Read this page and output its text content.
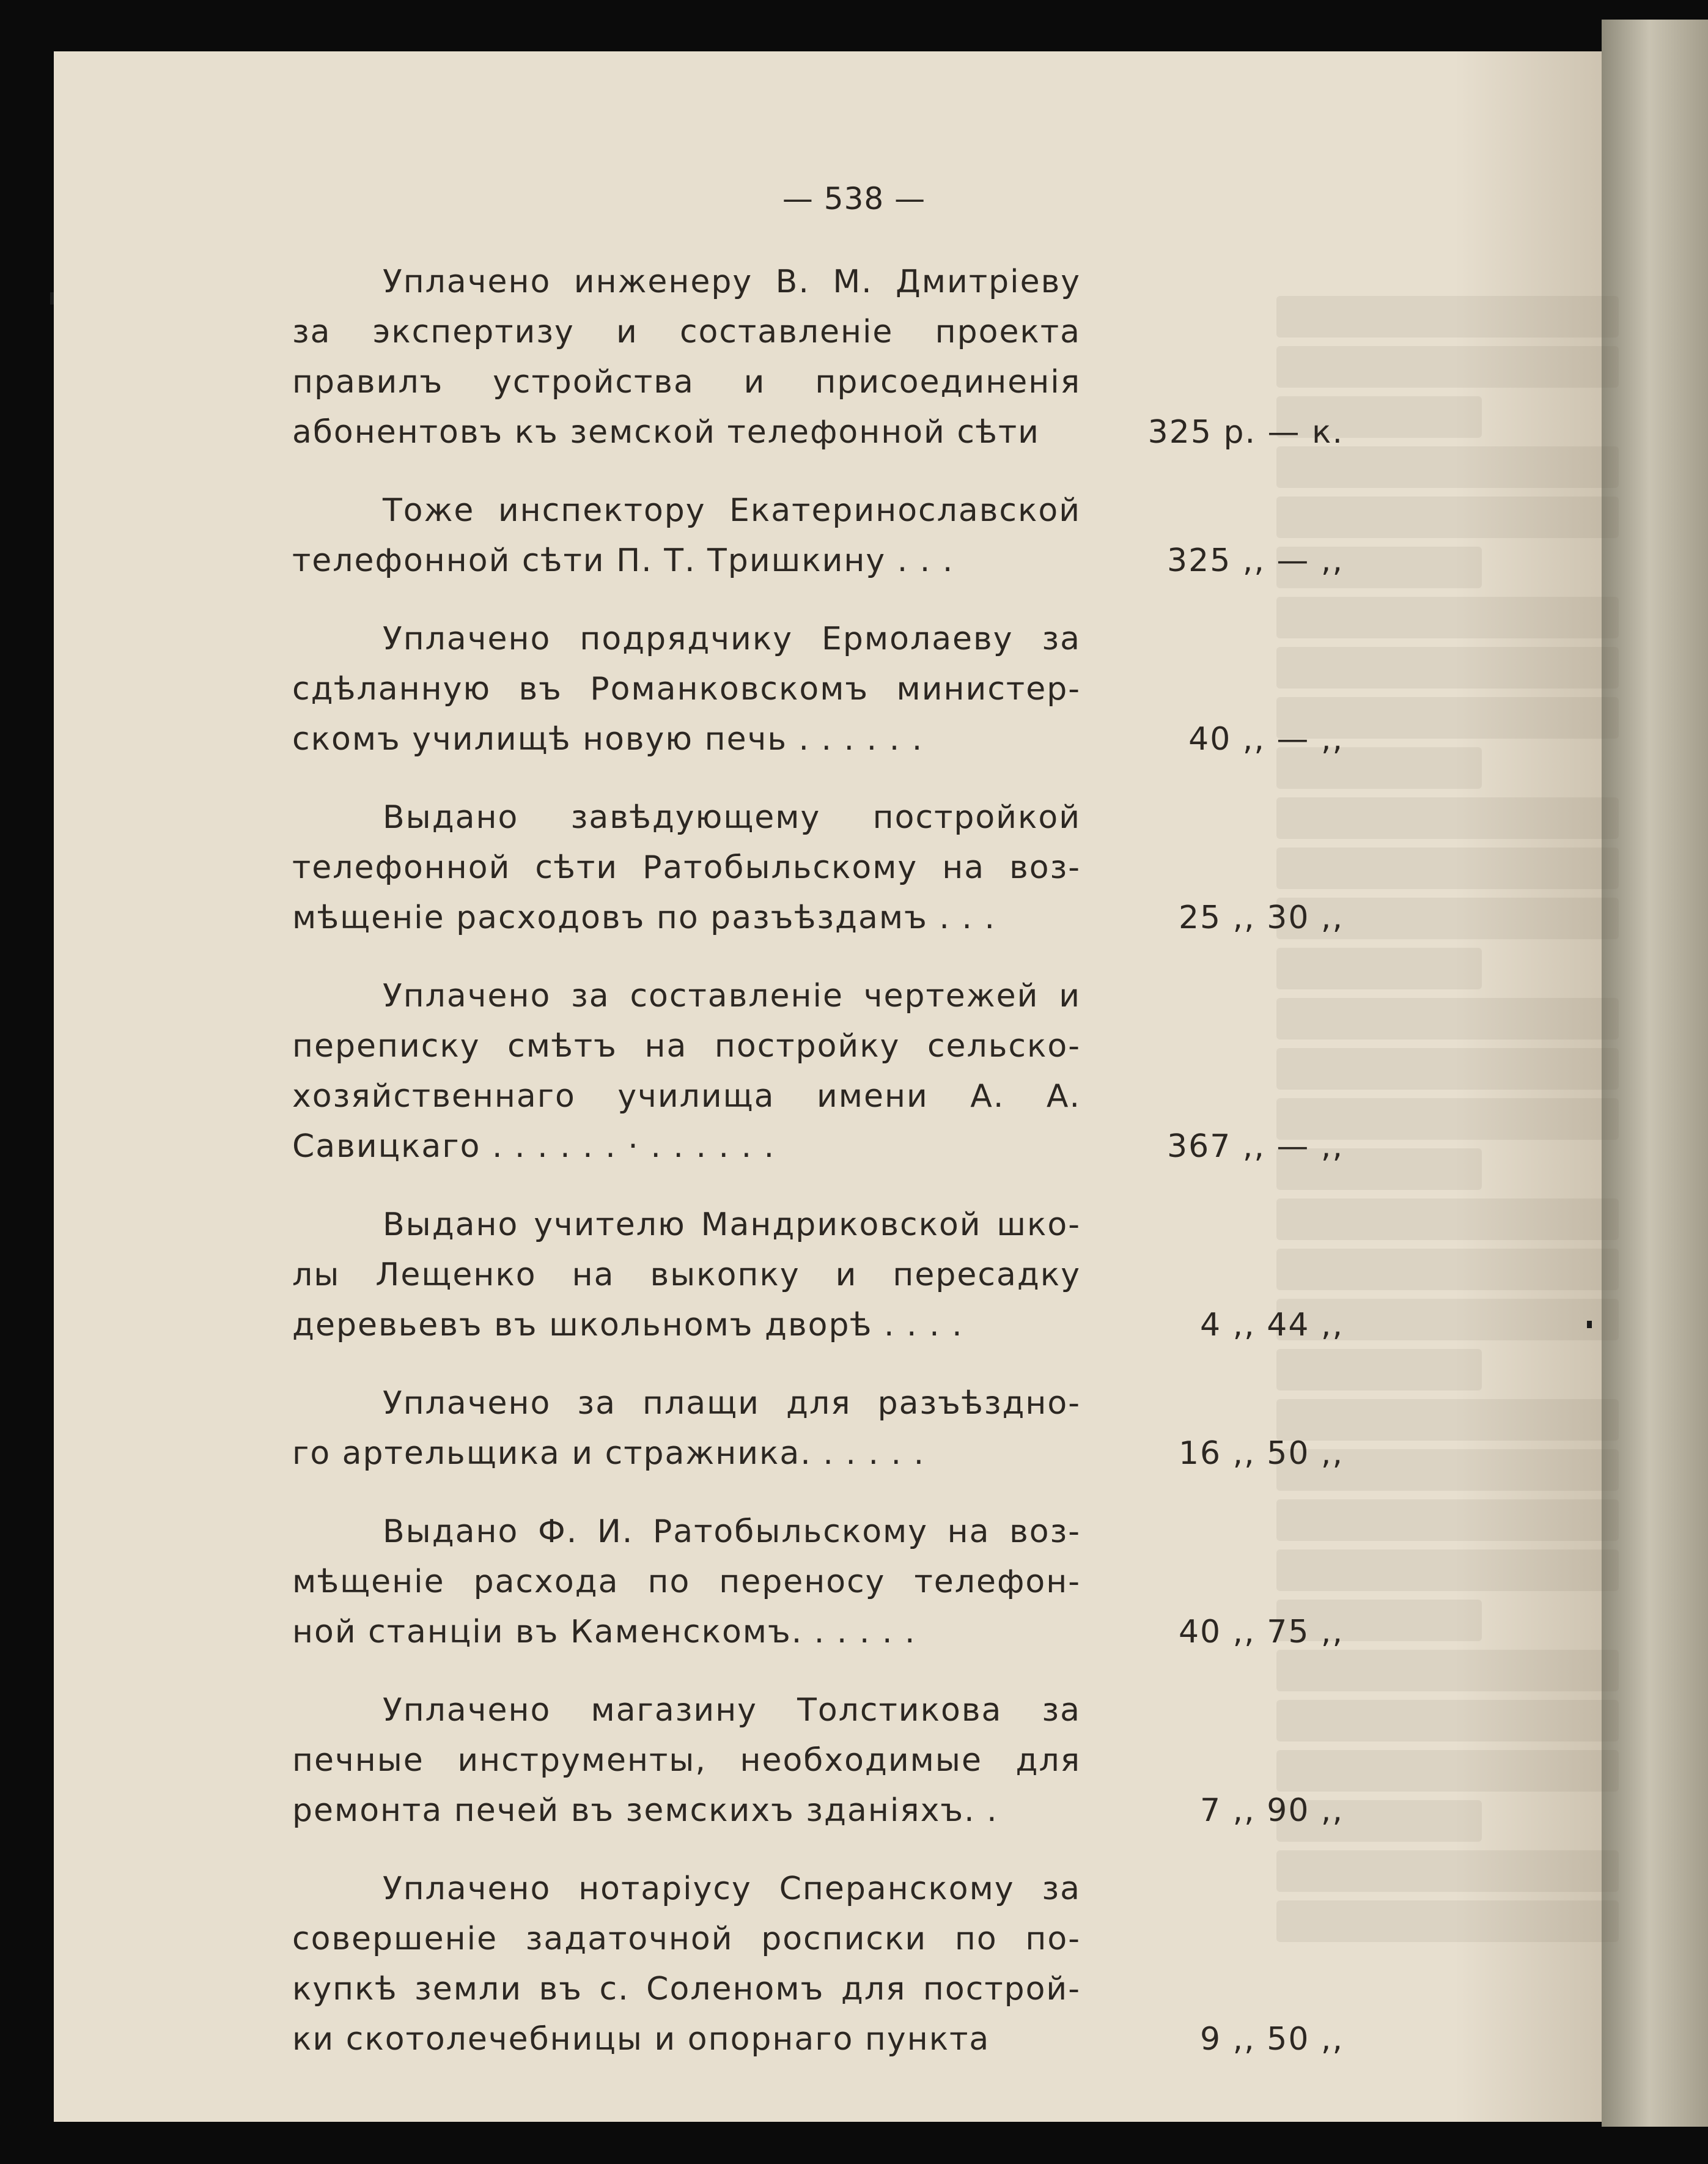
— 538 —
Уплачено инженеру В. М. Дмитріеву
за экспертизу и составленіе проекта
правилъ устройства и присоединенія
абонентовъ къ земской телефонной сѣти	325 р. — к.
Тоже инспектору Екатеринославской
телефонной сѣти П. Т. Тришкину . . .	325 ,, — ,,
Уплачено подрядчику Ермолаеву за
сдѣланную въ Романковскомъ министер-
скомъ училищѣ новую печь . . . . . .	40 ,, — ,,
Выдано завѣдующему постройкой
телефонной сѣти Ратобыльскому на воз-
мѣщеніе расходовъ по разъѣздамъ . . .	25 ,, 30 ,,
Уплачено за составленіе чертежей и
переписку смѣтъ на постройку сельско-
хозяйственнаго училища имени А. А.
Савицкаго . . . . . . · . . . . . .	367 ,, — ,,
Выдано учителю Мандриковской шко-
лы Лещенко на выкопку и пересадку
деревьевъ въ школьномъ дворѣ . . . .	4 ,, 44 ,,
Уплачено за плащи для разъѣздно-
го артельщика и стражника. . . . . .	16 ,, 50 ,,
Выдано Ф. И. Ратобыльскому на воз-
мѣщеніе расхода по переносу телефон-
ной станціи въ Каменскомъ. . . . . .	40 ,, 75 ,,
Уплачено магазину Толстикова за
печные инструменты, необходимые для
ремонта печей въ земскихъ зданіяхъ. .	7 ,, 90 ,,
Уплачено нотаріусу Сперанскому за
совершеніе задаточной росписки по по-
купкѣ земли въ с. Соленомъ для построй-
ки скотолечебницы и опорнаго пункта	9 ,, 50 ,,
